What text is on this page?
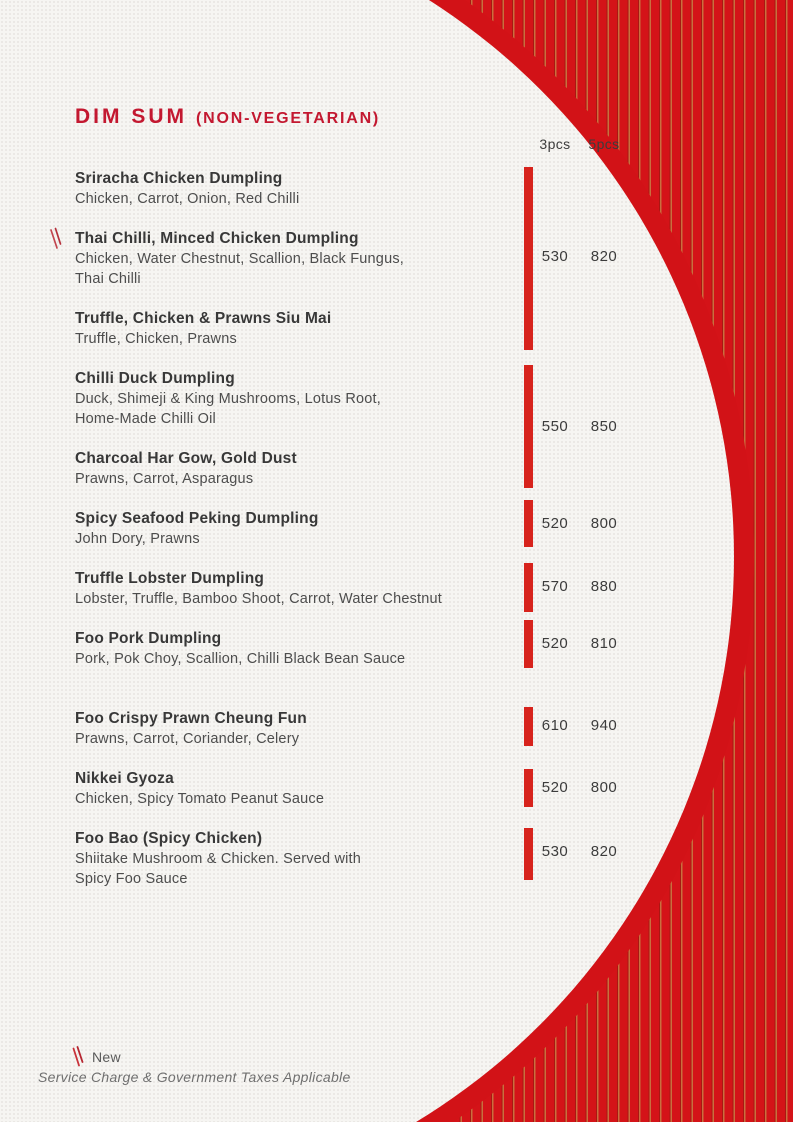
DIM SUM (NON-VEGETARIAN)
3pcs	5pcs
Sriracha Chicken Dumpling
Chicken, Carrot, Onion, Red Chilli
Thai Chilli, Minced Chicken Dumpling
Chicken, Water Chestnut, Scallion, Black Fungus,
Thai Chilli
Truffle, Chicken & Prawns Siu Mai
Truffle, Chicken, Prawns
Chilli Duck Dumpling
Duck, Shimeji & King Mushrooms, Lotus Root,
Home-Made Chilli Oil
Charcoal Har Gow, Gold Dust
Prawns, Carrot, Asparagus
Spicy Seafood Peking Dumpling
John Dory, Prawns
Truffle Lobster Dumpling
Lobster, Truffle, Bamboo Shoot, Carrot, Water Chestnut
Foo Pork Dumpling
Pork, Pok Choy, Scallion, Chilli Black Bean Sauce
Foo Crispy Prawn Cheung Fun
Prawns, Carrot, Coriander, Celery
Nikkei Gyoza
Chicken, Spicy Tomato Peanut Sauce
Foo Bao (Spicy Chicken)
Shiitake Mushroom & Chicken. Served with
Spicy Foo Sauce
530	820
550	850
520	800
570	880
520	810
610	940
520	800
530	820
New
Service Charge & Government Taxes Applicable
